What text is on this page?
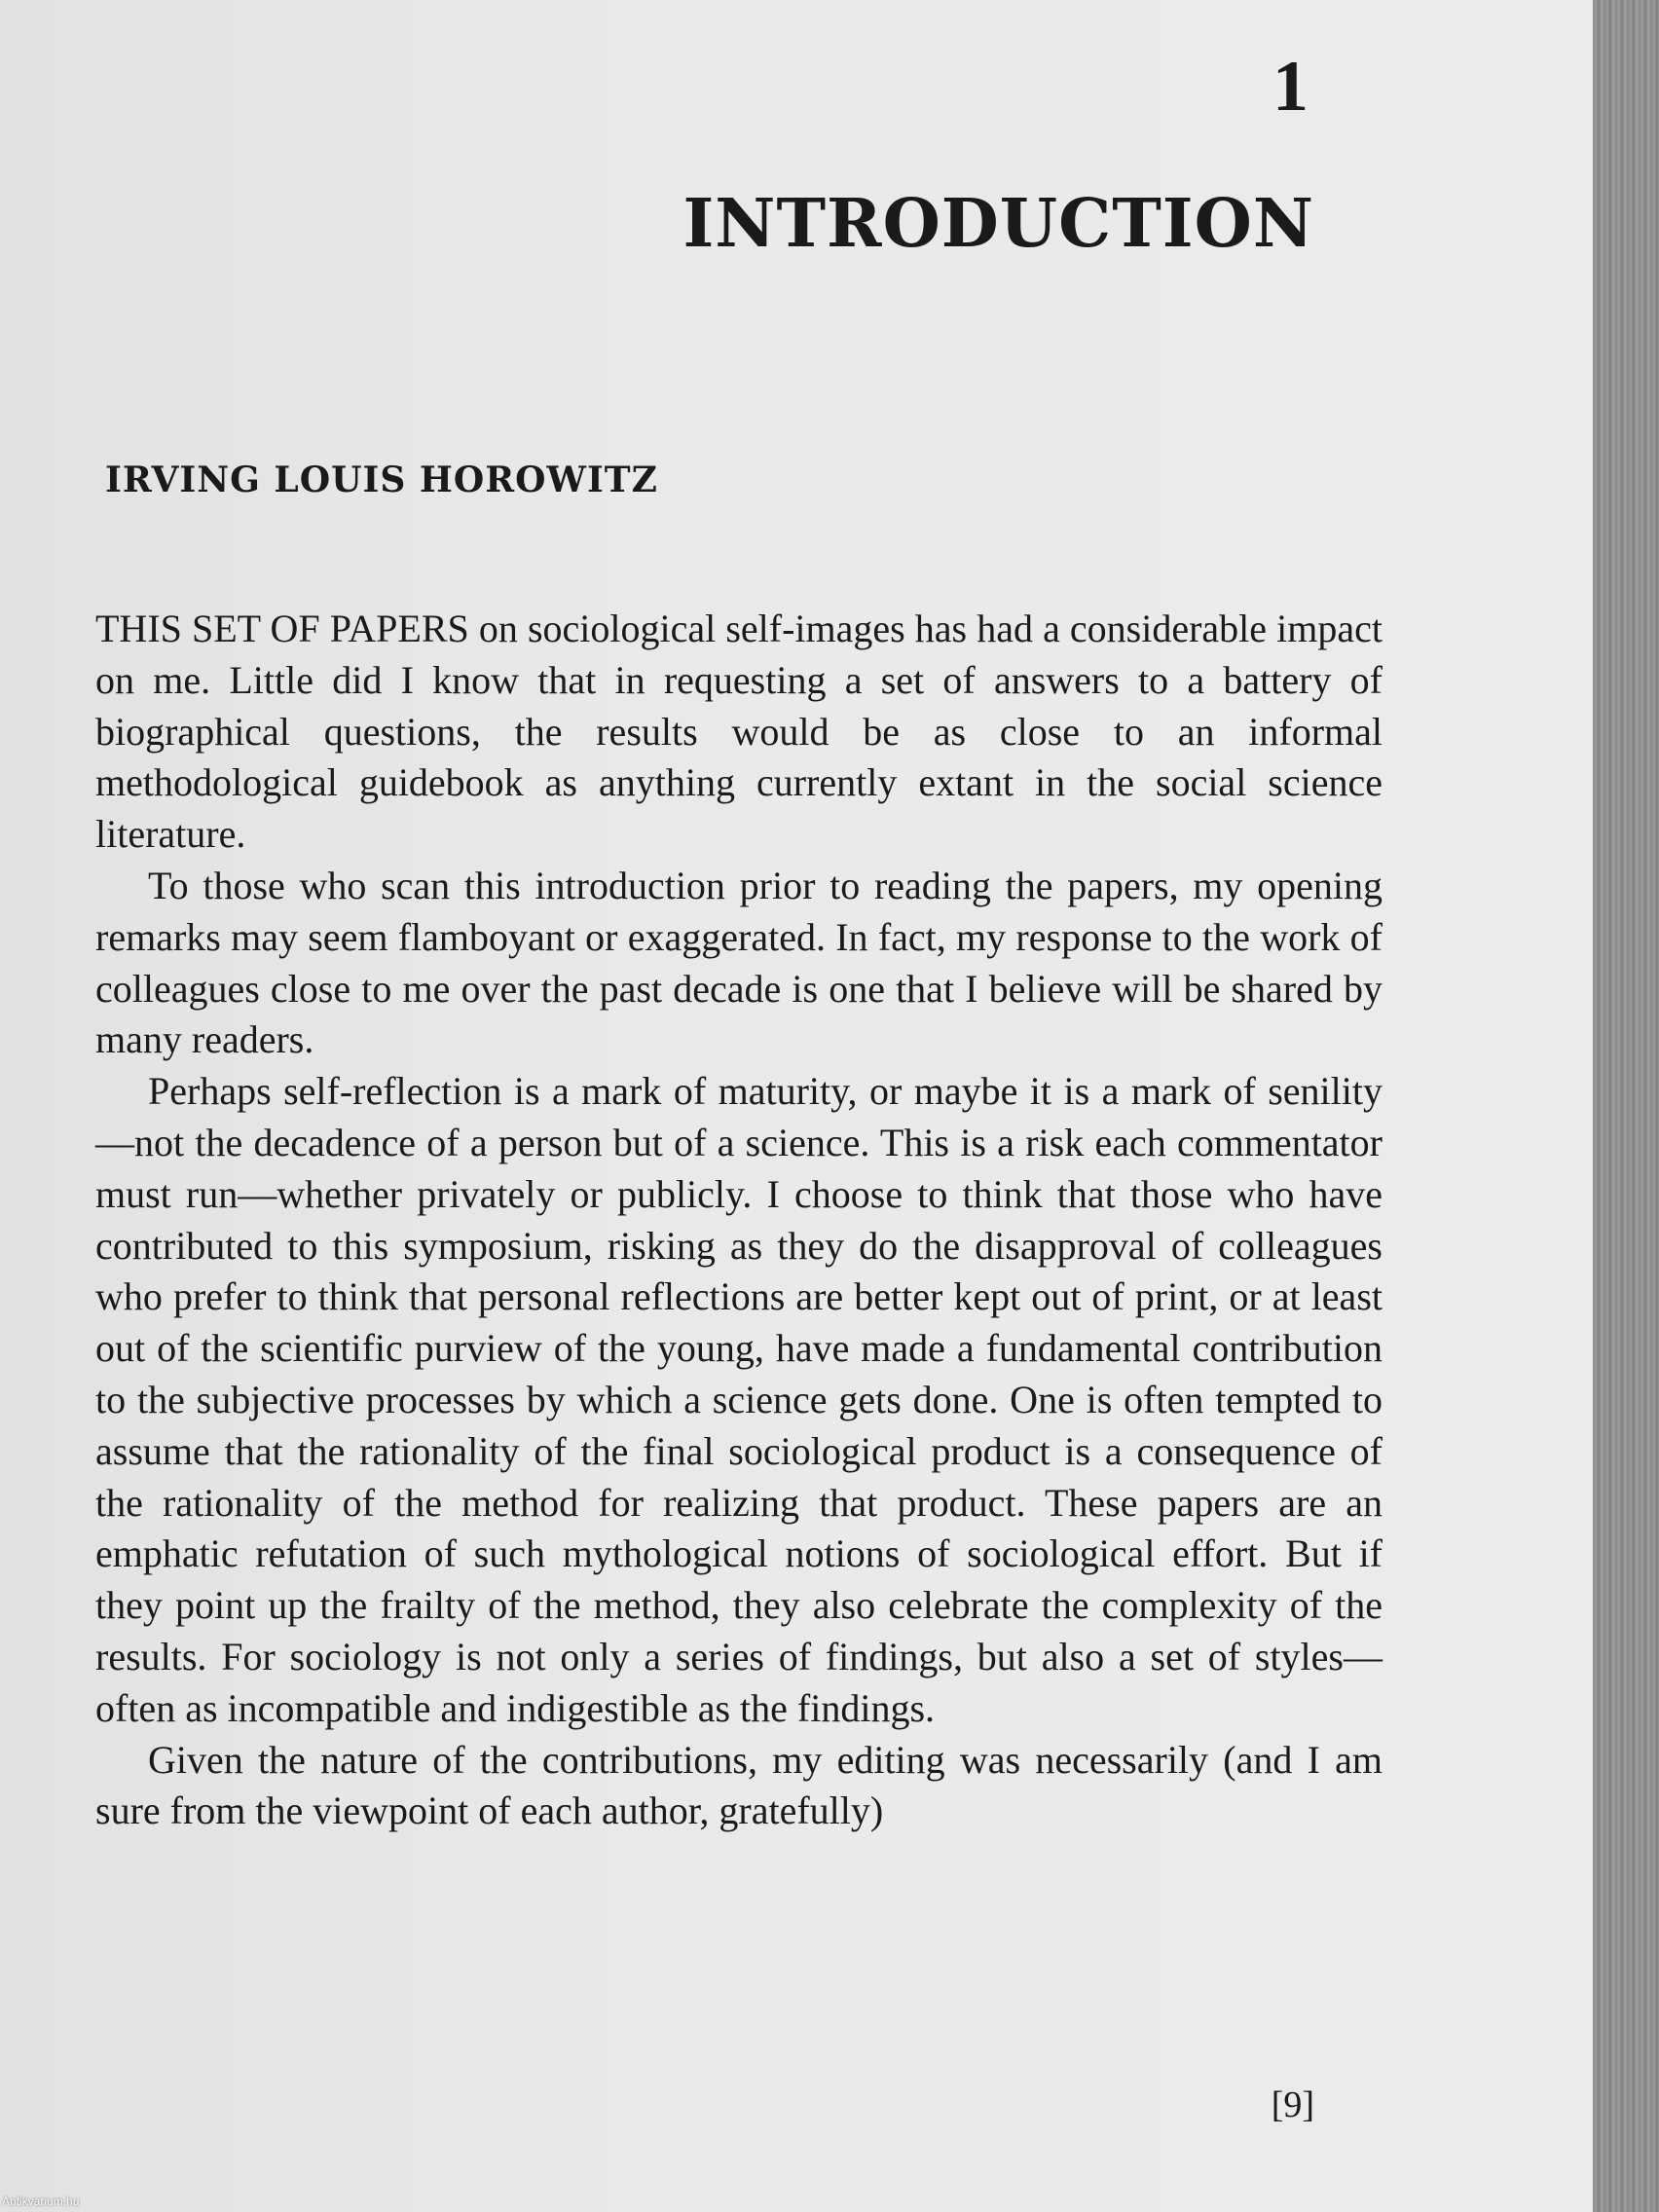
1
INTRODUCTION
IRVING LOUIS HOROWITZ

THIS SET OF PAPERS on sociological self-images has had a considerable impact on me. Little did I know that in requesting a set of answers to a battery of biographical questions, the results would be as close to an informal methodological guidebook as anything currently extant in the social science literature.

To those who scan this introduction prior to reading the papers, my opening remarks may seem flamboyant or exaggerated. In fact, my response to the work of colleagues close to me over the past decade is one that I believe will be shared by many readers.

Perhaps self-reflection is a mark of maturity, or maybe it is a mark of senility—not the decadence of a person but of a science. This is a risk each commentator must run—whether privately or publicly. I choose to think that those who have contributed to this symposium, risking as they do the disapproval of colleagues who prefer to think that personal reflections are better kept out of print, or at least out of the scientific purview of the young, have made a fundamental contribution to the subjective processes by which a science gets done. One is often tempted to assume that the rationality of the final sociological product is a consequence of the rationality of the method for realizing that product. These papers are an emphatic refutation of such mythological notions of sociological effort. But if they point up the frailty of the method, they also celebrate the complexity of the results. For sociology is not only a series of findings, but also a set of styles—often as incompatible and indigestible as the findings.

Given the nature of the contributions, my editing was necessarily (and I am sure from the viewpoint of each author, gratefully)

[9]
Antikvarium.hu
